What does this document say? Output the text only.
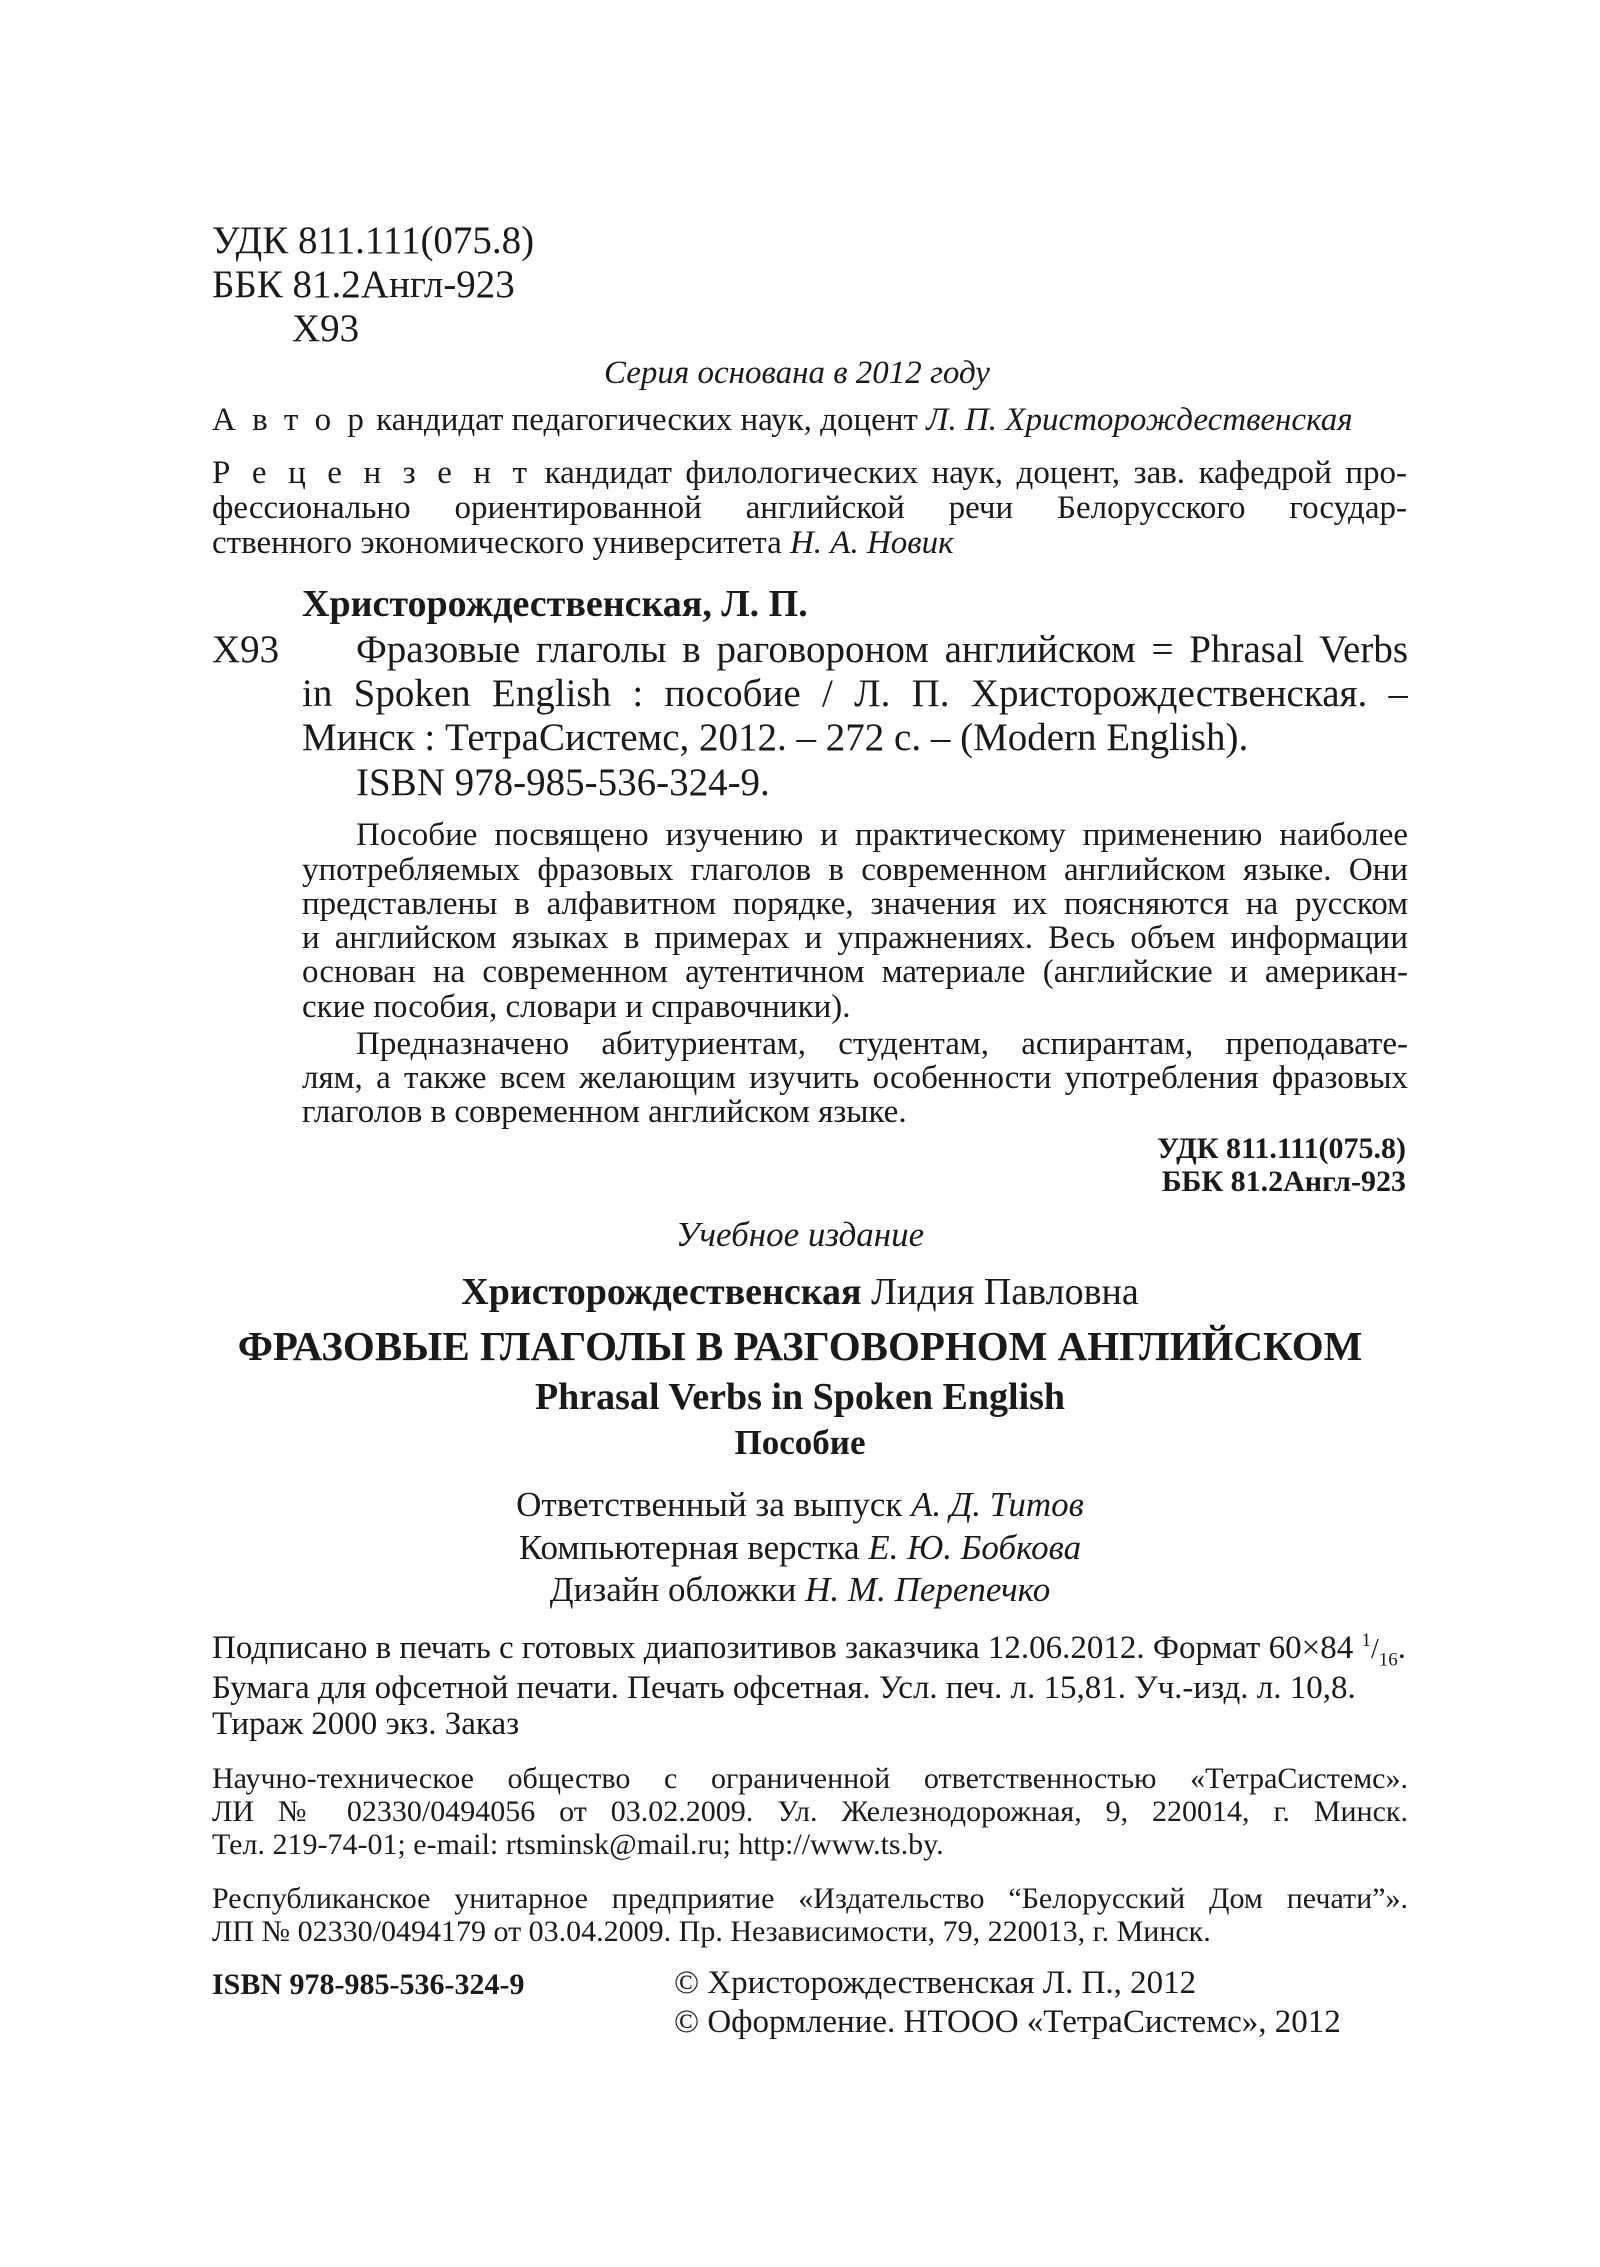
УДК 811.111(075.8)
ББК 81.2Англ-923
Х93
Серия основана в 2012 году
А в т о р кандидат педагогических наук, доцент Л. П. Христорождественская
Р е ц е н з е н т кандидат филологических наук, доцент, зав. кафедрой про-
фессионально ориентированной английской речи Белорусского государ-
ственного экономического университета Н. А. Новик
Христорождественская, Л. П.
Х93 Фразовые глаголы в раговороном английском = Phrasal Verbs
in Spoken English : пособие / Л. П. Христорождественская. –
Минск : ТетраСистемс, 2012. – 272 с. – (Modern English).
ISBN 978-985-536-324-9.
Пособие посвящено изучению и практическому применению наиболее
употребляемых фразовых глаголов в современном английском языке. Они
представлены в алфавитном порядке, значения их поясняются на русском
и английском языках в примерах и упражнениях. Весь объем информации
основан на современном аутентичном материале (английские и американ-
ские пособия, словари и справочники).
Предназначено абитуриентам, студентам, аспирантам, преподавате-
лям, а также всем желающим изучить особенности употребления фразовых
глаголов в современном английском языке.
УДК 811.111(075.8)
ББК 81.2Англ-923
Учебное издание
Христорождественская Лидия Павловна
ФРАЗОВЫЕ ГЛАГОЛЫ В РАЗГОВОРНОМ АНГЛИЙСКОМ
Phrasal Verbs in Spoken English
Пособие
Ответственный за выпуск А. Д. Титов
Компьютерная верстка Е. Ю. Бобкова
Дизайн обложки Н. М. Перепечко
Подписано в печать с готовых диапозитивов заказчика 12.06.2012. Формат 60×84 $^1/_{16}$.
Бумага для офсетной печати. Печать офсетная. Усл. печ. л. 15,81. Уч.-изд. л. 10,8.
Тираж 2000 экз. Заказ
Научно-техническое общество с ограниченной ответственностью «ТетраСистемс».
ЛИ № 02330/0494056 от 03.02.2009. Ул. Железнодорожная, 9, 220014, г. Минск.
Тел. 219-74-01; e-mail: rtsminsk@mail.ru; http://www.ts.by.
Республиканское унитарное предприятие «Издательство “Белорусский Дом печати”».
ЛП № 02330/0494179 от 03.04.2009. Пр. Независимости, 79, 220013, г. Минск.
ISBN 978-985-536-324-9	© Христорождественская Л. П., 2012
© Оформление. НТООО «ТетраСистемс», 2012
